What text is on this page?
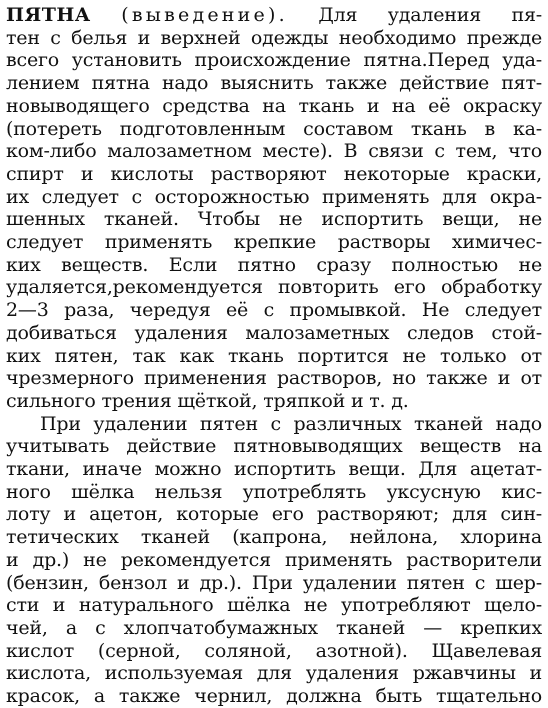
ПЯТНА (выведение). Для удаления пя-
тен с белья и верхней одежды необходимо прежде
всего установить происхождение пятна.Перед уда-
лением пятна надо выяснить также действие пят-
новыводящего средства на ткань и на её окраску
(потереть подготовленным составом ткань в ка-
ком-либо малозаметном месте). В связи с тем, что
спирт и кислоты растворяют некоторые краски,
их следует с осторожностью применять для окра-
шенных тканей. Чтобы не испортить вещи, не
следует применять крепкие растворы химичес-
ких веществ. Если пятно сразу полностью не
удаляется,рекомендуется повторить его обработку
2—3 раза, чередуя её с промывкой. Не следует
добиваться удаления малозаметных следов стой-
ких пятен, так как ткань портится не только от
чрезмерного применения растворов, но также и от
сильного трения щёткой, тряпкой и т. д.
При удалении пятен с различных тканей надо
учитывать действие пятновыводящих веществ на
ткани, иначе можно испортить вещи. Для ацетат-
ного шёлка нельзя употреблять уксусную кис-
лоту и ацетон, которые его растворяют; для син-
тетических тканей (капрона, нейлона, хлорина
и др.) не рекомендуется применять растворители
(бензин, бензол и др.). При удалении пятен с шер-
сти и натурального шёлка не употребляют щело-
чей, а с хлопчатобумажных тканей — крепких
кислот (серной, соляной, азотной). Щавелевая
кислота, используемая для удаления ржавчины и
красок, а также чернил, должна быть тщательно
